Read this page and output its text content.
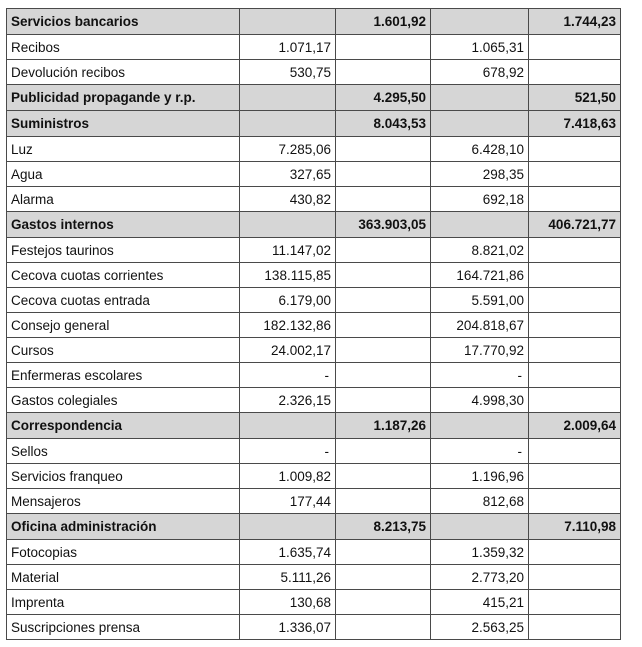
Servicios bancarios		1.601,92		1.744,23
Recibos	1.071,17		1.065,31	
Devolución recibos	530,75		678,92	
Publicidad propagande y r.p.		4.295,50		521,50
Suministros		8.043,53		7.418,63
Luz	7.285,06		6.428,10	
Agua	327,65		298,35	
Alarma	430,82		692,18	
Gastos internos		363.903,05		406.721,77
Festejos taurinos	11.147,02		8.821,02	
Cecova cuotas corrientes	138.115,85		164.721,86	
Cecova cuotas entrada	6.179,00		5.591,00	
Consejo general	182.132,86		204.818,67	
Cursos	24.002,17		17.770,92	
Enfermeras escolares	-		-	
Gastos colegiales	2.326,15		4.998,30	
Correspondencia		1.187,26		2.009,64
Sellos	-		-	
Servicios franqueo	1.009,82		1.196,96	
Mensajeros	177,44		812,68	
Oficina administración		8.213,75		7.110,98
Fotocopias	1.635,74		1.359,32	
Material	5.111,26		2.773,20	
Imprenta	130,68		415,21	
Suscripciones prensa	1.336,07		2.563,25	
